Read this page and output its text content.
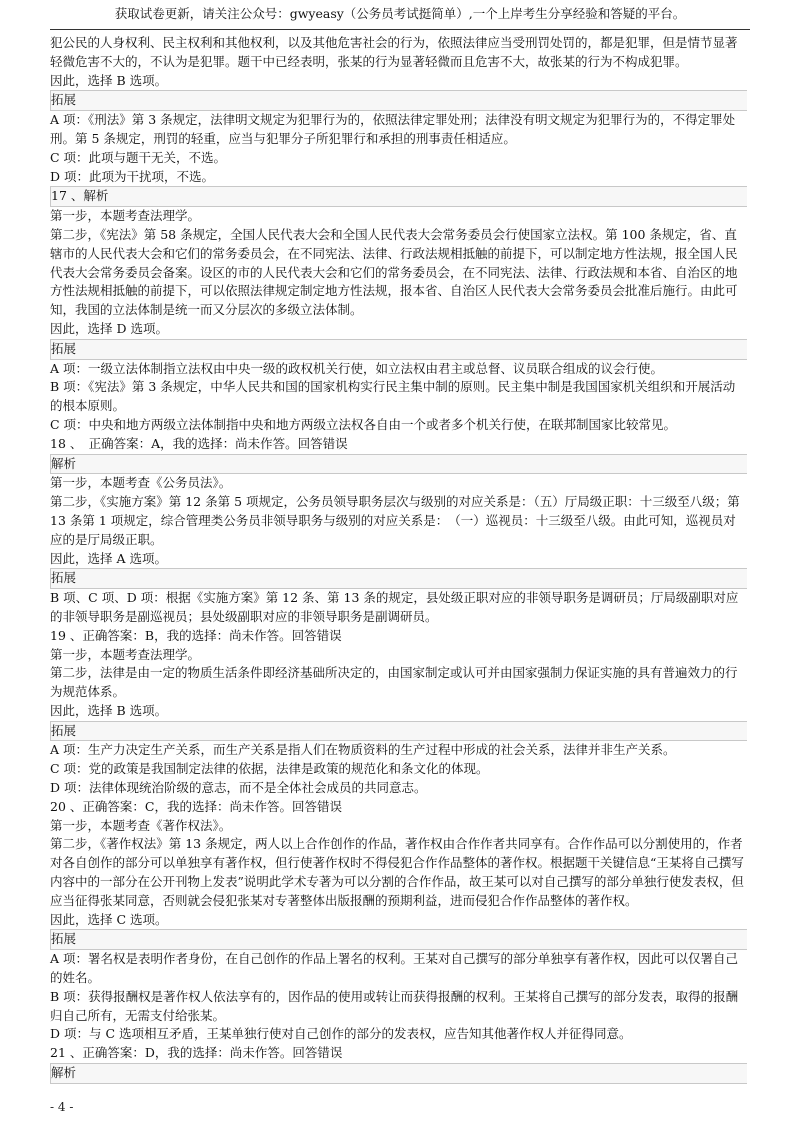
获取试卷更新，请关注公众号：gwyeasy（公务员考试挺简单）,一个上岸考生分享经验和答疑的平台。

犯公民的人身权利、民主权利和其他权利，以及其他危害社会的行为，依照法律应当受刑罚处罚的，都是犯罪，但是情节显著轻微危害不大的，不认为是犯罪。题干中已经表明，张某的行为显著轻微而且危害不大，故张某的行为不构成犯罪。

因此，选择 B 选项。

拓展

A 项：《刑法》第 3 条规定，法律明文规定为犯罪行为的，依照法律定罪处刑；法律没有明文规定为犯罪行为的，不得定罪处刑。第 5 条规定，刑罚的轻重，应当与犯罪分子所犯罪行和承担的刑事责任相适应。

C 项：此项与题干无关，不选。

D 项：此项为干扰项，不选。

17 、解析

第一步，本题考查法理学。

第二步，《宪法》第 58 条规定，全国人民代表大会和全国人民代表大会常务委员会行使国家立法权。第 100 条规定，省、直辖市的人民代表大会和它们的常务委员会，在不同宪法、法律、行政法规相抵触的前提下，可以制定地方性法规，报全国人民代表大会常务委员会备案。设区的市的人民代表大会和它们的常务委员会，在不同宪法、法律、行政法规和本省、自治区的地方性法规相抵触的前提下，可以依照法律规定制定地方性法规，报本省、自治区人民代表大会常务委员会批准后施行。由此可知，我国的立法体制是统一而又分层次的多级立法体制。

因此，选择 D 选项。

拓展

A 项：一级立法体制指立法权由中央一级的政权机关行使，如立法权由君主或总督、议员联合组成的议会行使。

B 项：《宪法》第 3 条规定，中华人民共和国的国家机构实行民主集中制的原则。民主集中制是我国国家机关组织和开展活动的根本原则。

C 项：中央和地方两级立法体制指中央和地方两级立法权各自由一个或者多个机关行使，在联邦制国家比较常见。

18 、　正确答案：A，我的选择：尚未作答。回答错误

解析

第一步，本题考查《公务员法》。

第二步，《实施方案》第 12 条第 5 项规定，公务员领导职务层次与级别的对应关系是：（五）厅局级正职：十三级至八级；第 13 条第 1 项规定，综合管理类公务员非领导职务与级别的对应关系是：　（一）巡视员：十三级至八级。由此可知，巡视员对应的是厅局级正职。

因此，选择 A 选项。

拓展

B 项、C 项、D 项：根据《实施方案》第 12 条、第 13 条的规定，县处级正职对应的非领导职务是调研员；厅局级副职对应的非领导职务是副巡视员；县处级副职对应的非领导职务是副调研员。

19 、正确答案：B，我的选择：尚未作答。回答错误

第一步，本题考查法理学。

第二步，法律是由一定的物质生活条件即经济基础所决定的，由国家制定或认可并由国家强制力保证实施的具有普遍效力的行为规范体系。

因此，选择 B 选项。

拓展

A 项：生产力决定生产关系，而生产关系是指人们在物质资料的生产过程中形成的社会关系，法律并非生产关系。

C 项：党的政策是我国制定法律的依据，法律是政策的规范化和条文化的体现。

D 项：法律体现统治阶级的意志，而不是全体社会成员的共同意志。

20 、正确答案：C，我的选择：尚未作答。回答错误

第一步，本题考查《著作权法》。

第二步，《著作权法》第 13 条规定，两人以上合作创作的作品，著作权由合作作者共同享有。合作作品可以分割使用的，作者对各自创作的部分可以单独享有著作权，但行使著作权时不得侵犯合作作品整体的著作权。根据题干关键信息“王某将自己撰写内容中的一部分在公开刊物上发表”说明此学术专著为可以分割的合作作品，故王某可以对自己撰写的部分单独行使发表权，但应当征得张某同意，否则就会侵犯张某对专著整体出版报酬的预期利益，进而侵犯合作作品整体的著作权。

因此，选择 C 选项。

拓展

A 项：署名权是表明作者身份，在自己创作的作品上署名的权利。王某对自己撰写的部分单独享有著作权，因此可以仅署自己的姓名。

B 项：获得报酬权是著作权人依法享有的，因作品的使用或转让而获得报酬的权利。王某将自己撰写的部分发表，取得的报酬归自己所有，无需支付给张某。

D 项：与 C 选项相互矛盾，王某单独行使对自己创作的部分的发表权，应告知其他著作权人并征得同意。

21 、正确答案：D，我的选择：尚未作答。回答错误

解析

- 4 -
